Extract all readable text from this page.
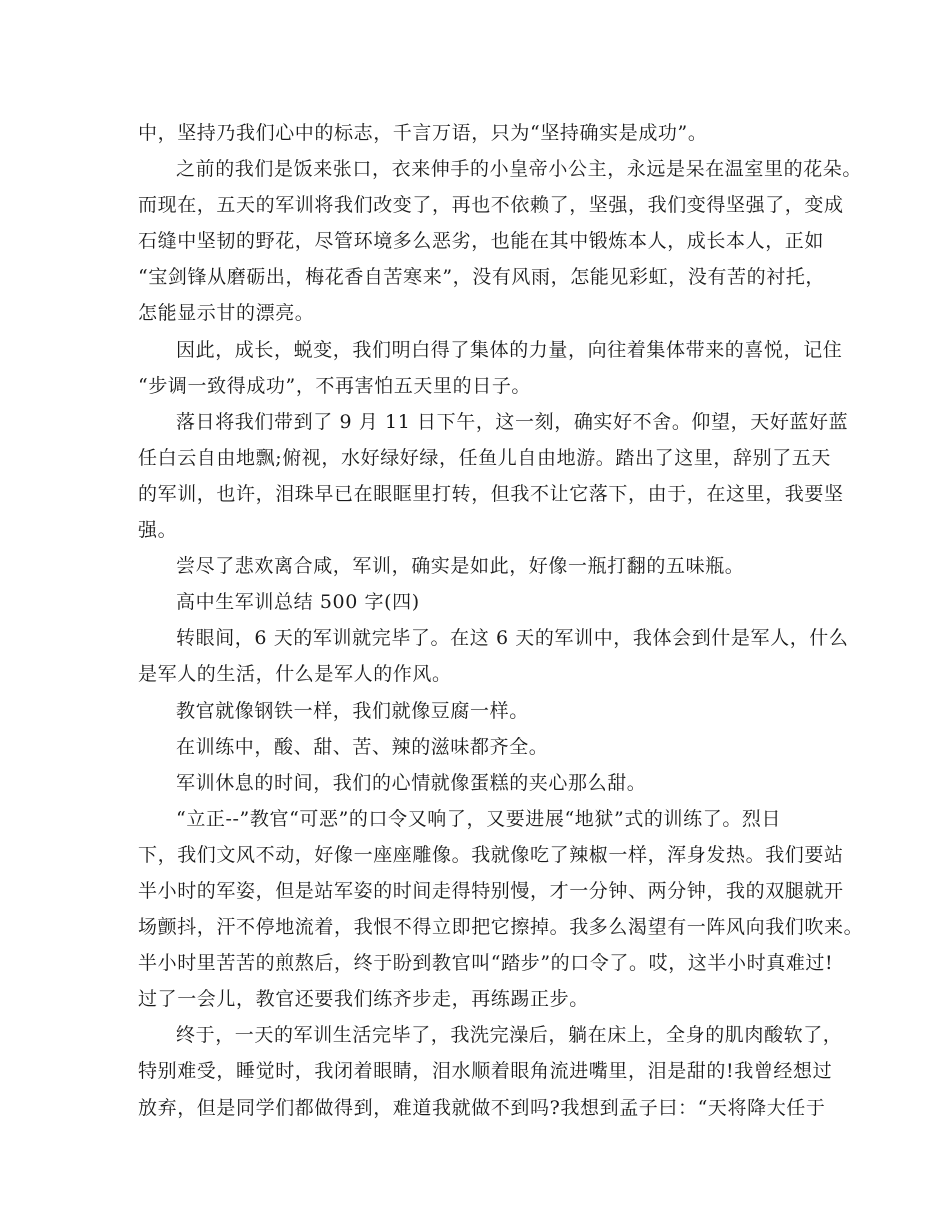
中，坚持乃我们心中的标志，千言万语，只为“坚持确实是成功”。
之前的我们是饭来张口，衣来伸手的小皇帝小公主，永远是呆在温室里的花朵。
而现在，五天的军训将我们改变了，再也不依赖了，坚强，我们变得坚强了，变成
石缝中坚韧的野花，尽管环境多么恶劣，也能在其中锻炼本人，成长本人，正如
“宝剑锋从磨砺出，梅花香自苦寒来”，没有风雨，怎能见彩虹，没有苦的衬托，
怎能显示甘的漂亮。
因此，成长，蜕变，我们明白得了集体的力量，向往着集体带来的喜悦，记住
“步调一致得成功”，不再害怕五天里的日子。
落日将我们带到了 9 月 11 日下午，这一刻，确实好不舍。仰望，天好蓝好蓝
任白云自由地飘;俯视，水好绿好绿，任鱼儿自由地游。踏出了这里，辞别了五天
的军训，也许，泪珠早已在眼眶里打转，但我不让它落下，由于，在这里，我要坚
强。
尝尽了悲欢离合咸，军训，确实是如此，好像一瓶打翻的五味瓶。
高中生军训总结 500 字(四)
转眼间，6 天的军训就完毕了。在这 6 天的军训中，我体会到什是军人，什么
是军人的生活，什么是军人的作风。
教官就像钢铁一样，我们就像豆腐一样。
在训练中，酸、甜、苦、辣的滋味都齐全。
军训休息的时间，我们的心情就像蛋糕的夹心那么甜。
“立正--”教官“可恶”的口令又响了，又要进展“地狱”式的训练了。烈日
下，我们文风不动，好像一座座雕像。我就像吃了辣椒一样，浑身发热。我们要站
半小时的军姿，但是站军姿的时间走得特别慢，才一分钟、两分钟，我的双腿就开
场颤抖，汗不停地流着，我恨不得立即把它擦掉。我多么渴望有一阵风向我们吹来。
半小时里苦苦的煎熬后，终于盼到教官叫“踏步”的口令了。哎，这半小时真难过!
过了一会儿，教官还要我们练齐步走，再练踢正步。
终于，一天的军训生活完毕了，我洗完澡后，躺在床上，全身的肌肉酸软了，
特别难受，睡觉时，我闭着眼睛，泪水顺着眼角流进嘴里，泪是甜的!我曾经想过
放弃，但是同学们都做得到，难道我就做不到吗?我想到孟子曰：“天将降大任于
